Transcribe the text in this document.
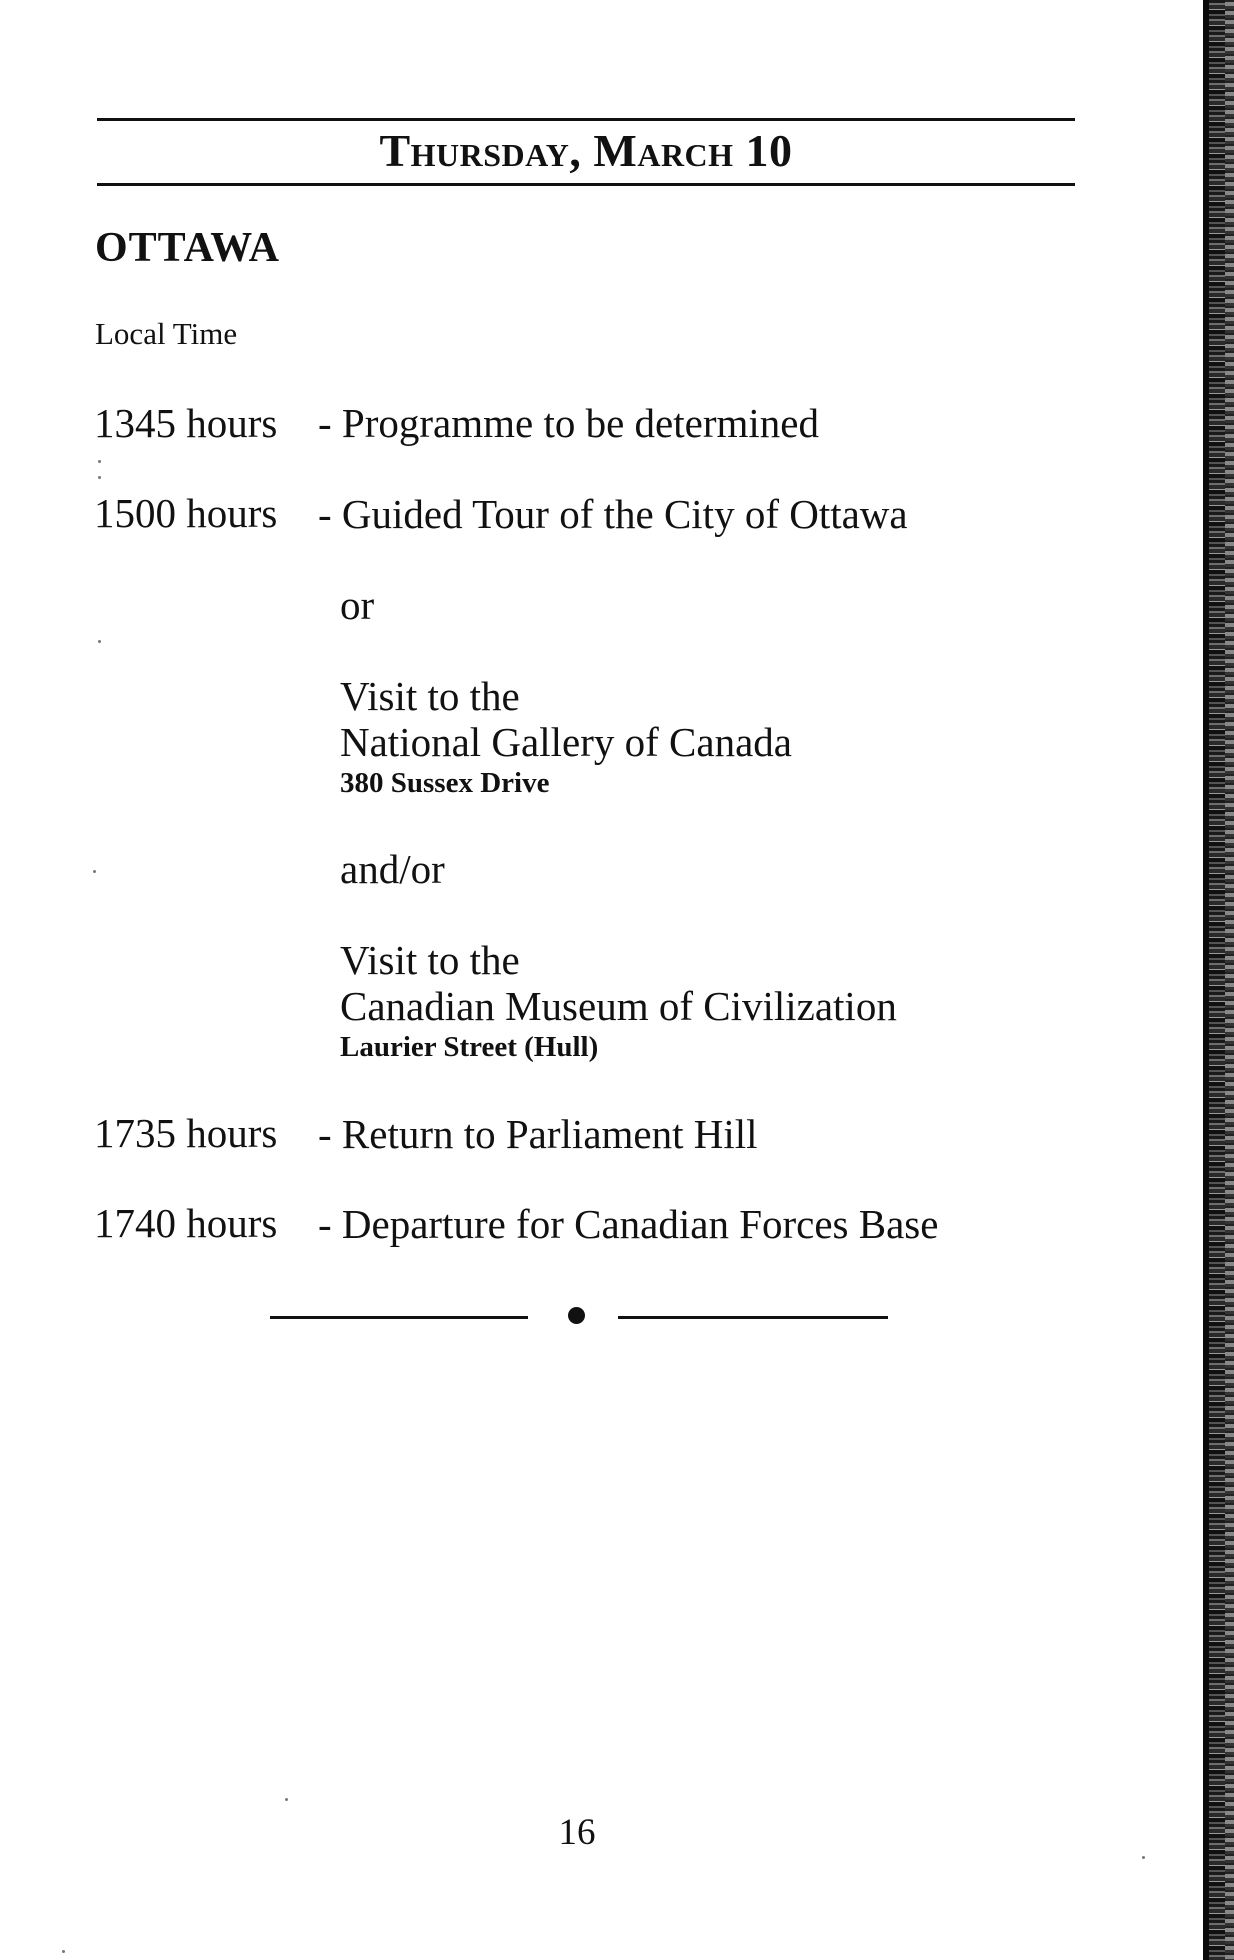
Thursday, March 10
OTTAWA
Local Time
1345 hours - Programme to be determined
1500 hours - Guided Tour of the City of Ottawa
or
Visit to the
National Gallery of Canada
380 Sussex Drive
and/or
Visit to the
Canadian Museum of Civilization
Laurier Street (Hull)
1735 hours - Return to Parliament Hill
1740 hours - Departure for Canadian Forces Base
16
